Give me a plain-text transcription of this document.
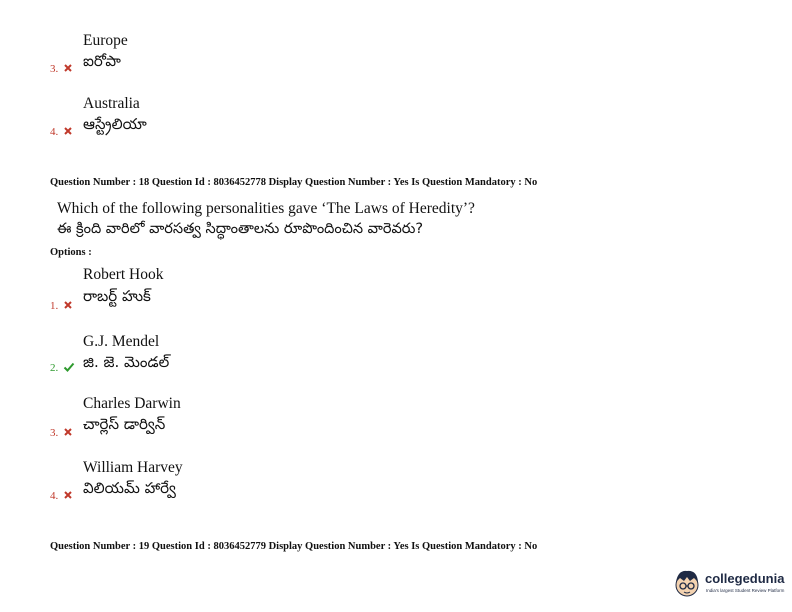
Europe
3. ఐరోపా
Australia
4. ఆస్ట్రేలియా
Question Number : 18 Question Id : 8036452778 Display Question Number : Yes Is Question Mandatory : No
Which of the following personalities gave ‘The Laws of Heredity’?
ఈ క్రింది వారిలో వారసత్వ సిద్ధాంతాలను రూపొందించిన వారెవరు?
Options :
Robert Hook
1.
రాబర్ట్ హుక్
G.J. Mendel
2. జి. జె. మెండల్
Charles Darwin
3. చార్లెస్ డార్విన్
William Harvey
4. విలియమ్ హార్వే
Question Number : 19 Question Id : 8036452779 Display Question Number : Yes Is Question Mandatory : No
collegedunia
India's largest Student Review Platform
